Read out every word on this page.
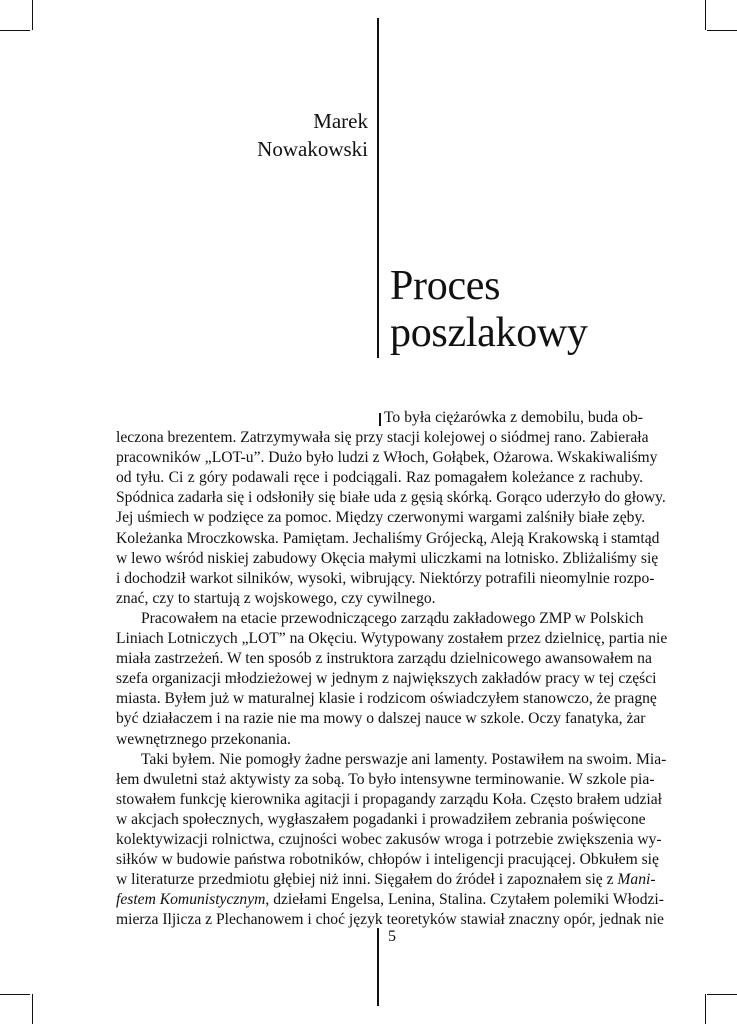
Marek Nowakowski
Proces
poszlakowy
To była ciężarówka z demobilu, buda ob-
leczona brezentem. Zatrzymywała się przy stacji kolejowej o siódmej rano. Zabierała
pracowników „LOT-u”. Dużo było ludzi z Włoch, Gołąbek, Ożarowa. Wskakiwaliśmy
od tyłu. Ci z góry podawali ręce i podciągali. Raz pomagałem koleżance z rachuby.
Spódnica zadarła się i odsłoniły się białe uda z gęsią skórką. Gorąco uderzyło do głowy.
Jej uśmiech w podzięce za pomoc. Między czerwonymi wargami zalśniły białe zęby.
Koleżanka Mroczkowska. Pamiętam. Jechaliśmy Grójecką, Aleją Krakowską i stamtąd
w lewo wśród niskiej zabudowy Okęcia małymi uliczkami na lotnisko. Zbliżaliśmy się
i dochodził warkot silników, wysoki, wibrujący. Niektórzy potrafili nieomylnie rozpo-
znać, czy to startują z wojskowego, czy cywilnego.
Pracowałem na etacie przewodniczącego zarządu zakładowego ZMP w Polskich
Liniach Lotniczych „LOT” na Okęciu. Wytypowany zostałem przez dzielnicę, partia nie
miała zastrzeżeń. W ten sposób z instruktora zarządu dzielnicowego awansowałem na
szefa organizacji młodzieżowej w jednym z największych zakładów pracy w tej części
miasta. Byłem już w maturalnej klasie i rodzicom oświadczyłem stanowczo, że pragnę
być działaczem i na razie nie ma mowy o dalszej nauce w szkole. Oczy fanatyka, żar
wewnętrznego przekonania.
Taki byłem. Nie pomogły żadne perswazje ani lamenty. Postawiłem na swoim. Mia-
łem dwuletni staż aktywisty za sobą. To było intensywne terminowanie. W szkole pia-
stowałem funkcję kierownika agitacji i propagandy zarządu Koła. Często brałem udział
w akcjach społecznych, wygłaszałem pogadanki i prowadziłem zebrania poświęcone
kolektywizacji rolnictwa, czujności wobec zakusów wroga i potrzebie zwiększenia wy-
siłków w budowie państwa robotników, chłopów i inteligencji pracującej. Obkułem się
w literaturze przedmiotu głębiej niż inni. Sięgałem do źródeł i zapoznałem się z Mani-
festem Komunistycznym, dziełami Engelsa, Lenina, Stalina. Czytałem polemiki Włodzi-
mierza Iljicza z Plechanowem i choć język teoretyków stawiał znaczny opór, jednak nie
5
